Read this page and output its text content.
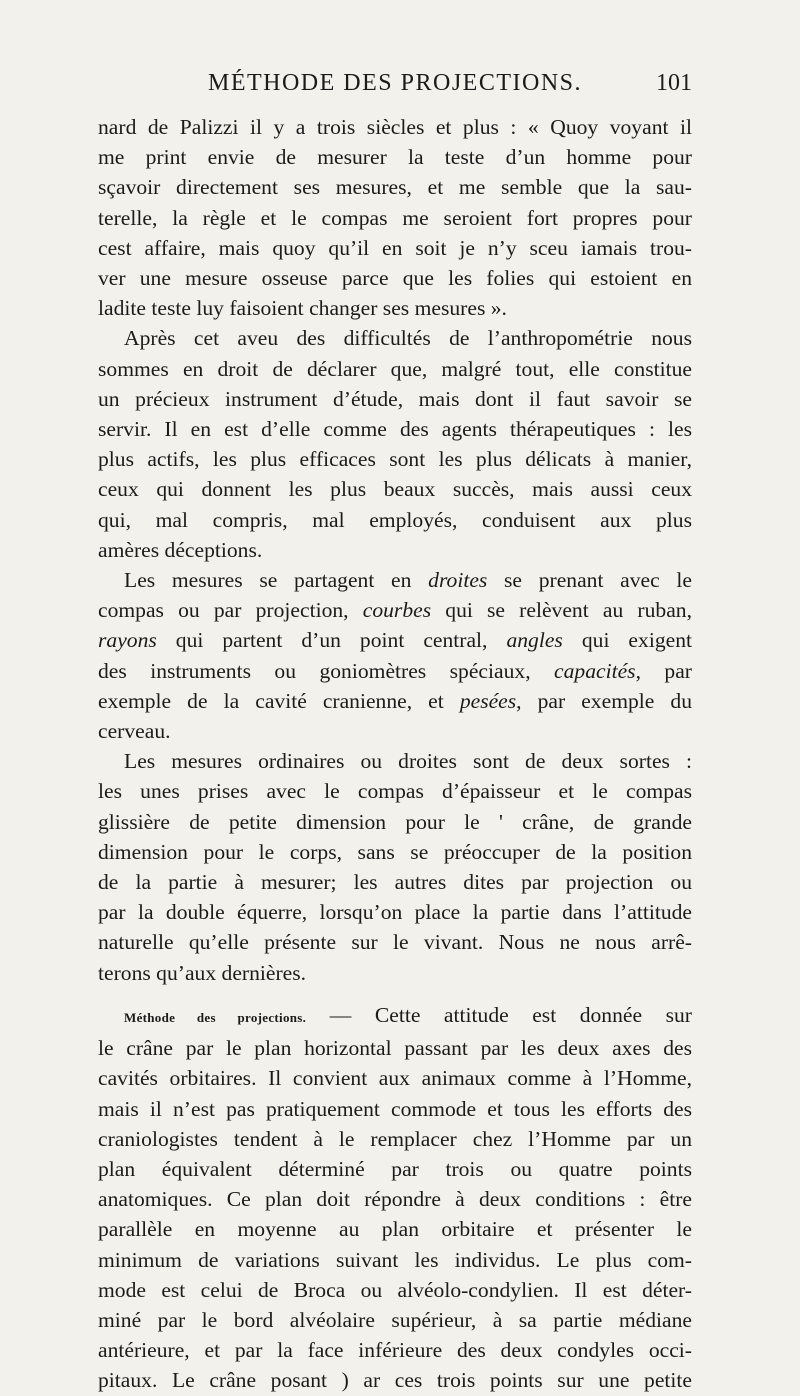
MÉTHODE DES PROJECTIONS.	101

nard de Palizzi il y a trois siècles et plus : « Quoy voyant il

me print envie de mesurer la teste d’un homme pour

sçavoir directement ses mesures, et me semble que la sau-

terelle, la règle et le compas me seroient fort propres pour

cest affaire, mais quoy qu’il en soit je n’y sceu iamais trou-

ver une mesure osseuse parce que les folies qui estoient en

ladite teste luy faisoient changer ses mesures ».

Après cet aveu des difficultés de l’anthropométrie nous

sommes en droit de déclarer que, malgré tout, elle constitue

un précieux instrument d’étude, mais dont il faut savoir se

servir. Il en est d’elle comme des agents thérapeutiques : les

plus actifs, les plus efficaces sont les plus délicats à manier,

ceux qui donnent les plus beaux succès, mais aussi ceux

qui, mal compris, mal employés, conduisent aux plus

amères déceptions.

Les mesures se partagent en droites se prenant avec le

compas ou par projection, courbes qui se relèvent au ruban,

rayons qui partent d’un point central, angles qui exigent

des instruments ou goniomètres spéciaux, capacités, par

exemple de la cavité cranienne, et pesées, par exemple du

cerveau.

Les mesures ordinaires ou droites sont de deux sortes :

les unes prises avec le compas d’épaisseur et le compas

glissière de petite dimension pour le ' crâne, de grande

dimension pour le corps, sans se préoccuper de la position

de la partie à mesurer; les autres dites par projection ou

par la double équerre, lorsqu’on place la partie dans l’attitude

naturelle qu’elle présente sur le vivant. Nous ne nous arrê-

terons qu’aux dernières.

Méthode des projections. — Cette attitude est donnée sur

le crâne par le plan horizontal passant par les deux axes des

cavités orbitaires. Il convient aux animaux comme à l’Homme,

mais il n’est pas pratiquement commode et tous les efforts des

craniologistes tendent à le remplacer chez l’Homme par un

plan équivalent déterminé par trois ou quatre points

anatomiques. Ce plan doit répondre à deux conditions : être

parallèle en moyenne au plan orbitaire et présenter le

minimum de variations suivant les individus. Le plus com-

mode est celui de Broca ou alvéolo-condylien. Il est déter-

miné par le bord alvéolaire supérieur, à sa partie médiane

antérieure, et par la face inférieure des deux condyles occi-

pitaux. Le crâne posant ) ar ces trois points sur une petite
